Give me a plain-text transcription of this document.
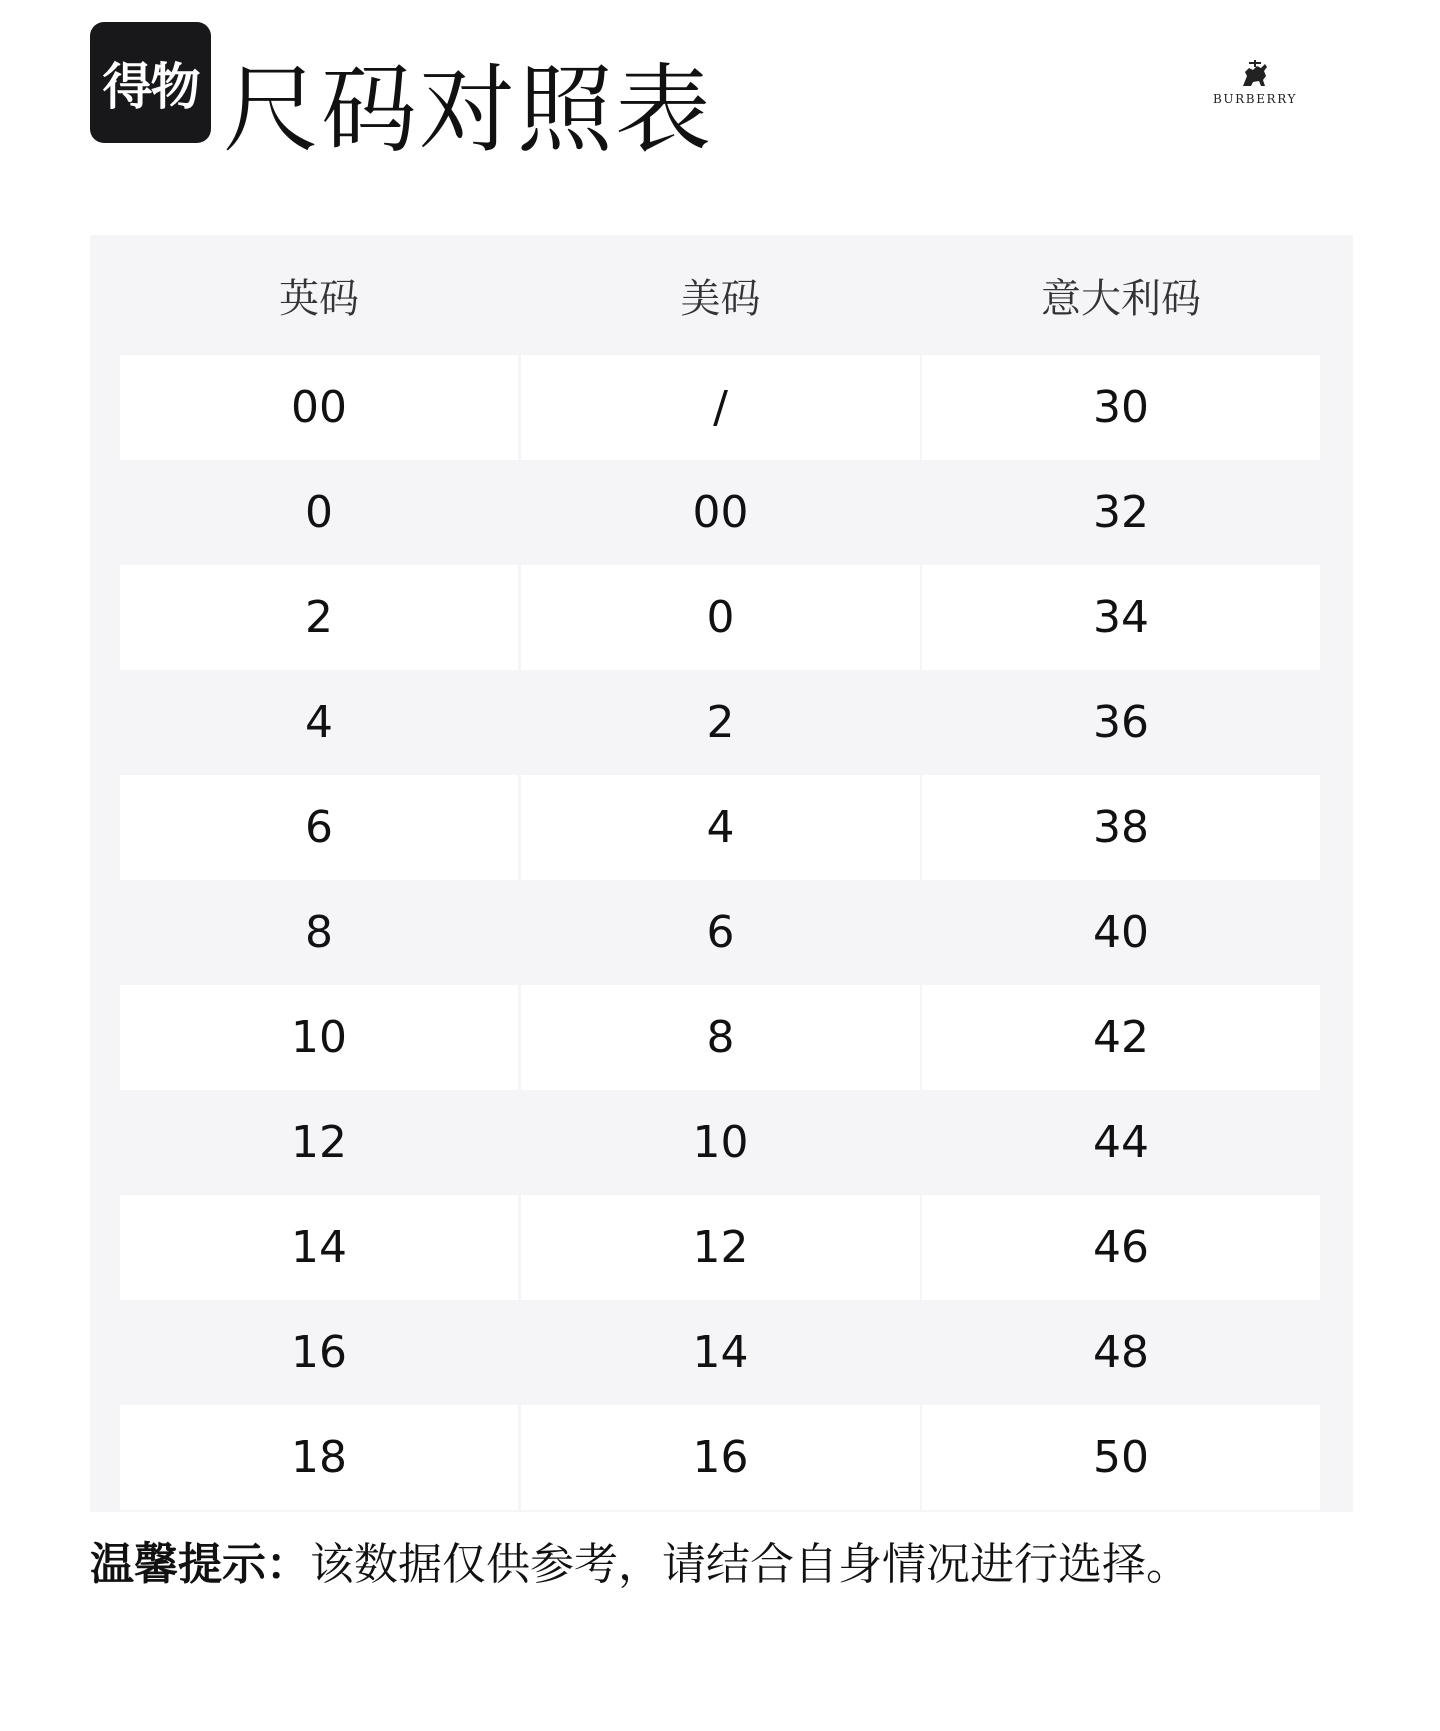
得物 尺码对照表	BURBERRY
英码	美码	意大利码
00	/	30
0	00	32
2	0	34
4	2	36
6	4	38
8	6	40
10	8	42
12	10	44
14	12	46
16	14	48
18	16	50
温馨提示：该数据仅供参考，请结合自身情况进行选择。
